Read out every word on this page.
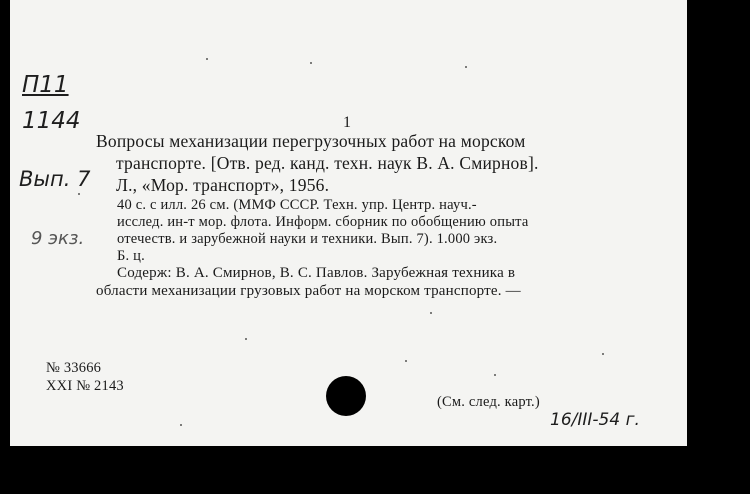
П11
1144
Вып. 7
9 экз.
1
Вопросы механизации перегрузочных работ на морском
транспорте. [Отв. ред. канд. техн. наук В. А. Смирнов].
Л., «Мор. транспорт», 1956.
40 с. с илл. 26 см. (ММФ СССР. Техн. упр. Центр. науч.-
исслед. ин-т мор. флота. Информ. сборник по обобщению опыта
отечеств. и зарубежной науки и техники. Вып. 7). 1.000 экз.
Б. ц.
Содерж: В. А. Смирнов, В. С. Павлов. Зарубежная техника в
области механизации грузовых работ на морском транспорте. —
№ 33666
XXI № 2143
(См. след. карт.)
16/III-54 г.
